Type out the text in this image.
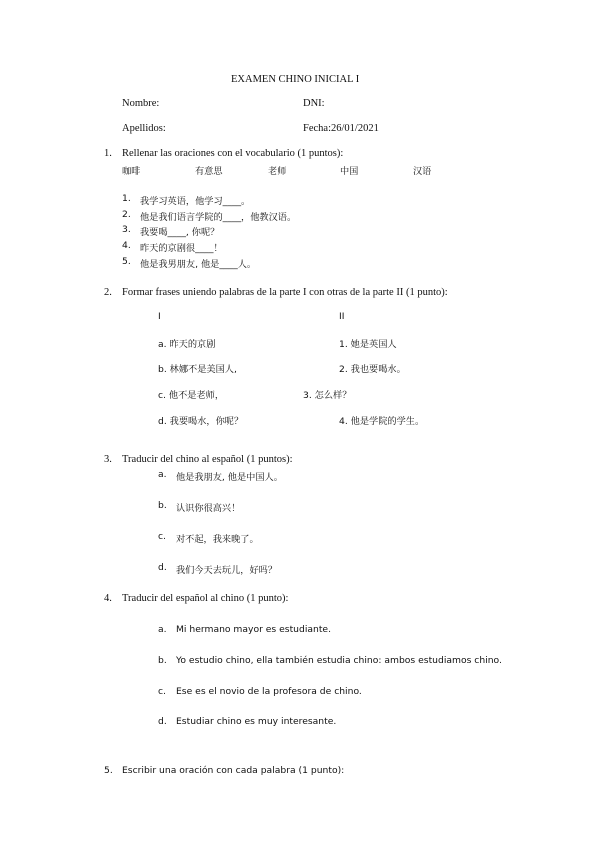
EXAMEN CHINO INICIAL I
Nombre:	DNI:
Apellidos:	Fecha:26/01/2021
1. Rellenar las oraciones con el vocabulario (1 puntos):
咖啡	有意思	老师	中国	汉语
1. 我学习英语，他学习____。
2. 他是我们语言学院的____，他教汉语。
3. 我要喝____, 你呢？
4. 昨天的京剧很____！
5. 他是我男朋友, 他是____人。
2. Formar frases uniendo palabras de la parte I con otras de la parte II (1 punto):
I	II
a. 昨天的京剧	1. 她是英国人
b. 林娜不是美国人,	2. 我也要喝水。
c. 他不是老师，	3. 怎么样？
d. 我要喝水，你呢？	4. 他是学院的学生。
3. Traducir del chino al español (1 puntos):
a. 他是我朋友, 他是中国人。
b. 认识你很高兴！
c. 对不起，我来晚了。
d. 我们今天去玩儿，好吗？
4. Traducir del español al chino (1 punto):
a. Mi hermano mayor es estudiante.
b. Yo estudio chino, ella también estudia chino: ambos estudiamos chino.
c. Ese es el novio de la profesora de chino.
d. Estudiar chino es muy interesante.
5. Escribir una oración con cada palabra (1 punto):
